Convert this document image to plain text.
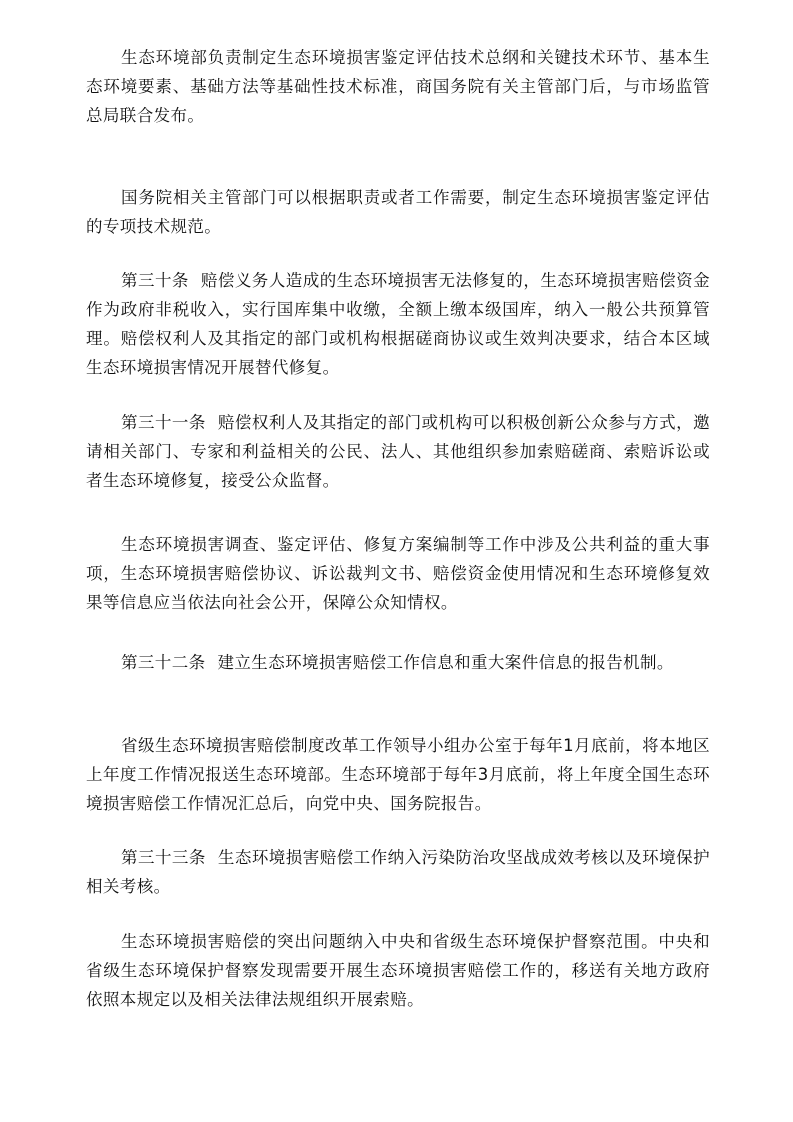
生态环境部负责制定生态环境损害鉴定评估技术总纲和关键技术环节、基本生态环境要素、基础方法等基础性技术标准，商国务院有关主管部门后，与市场监管总局联合发布。

国务院相关主管部门可以根据职责或者工作需要，制定生态环境损害鉴定评估的专项技术规范。

第三十条 赔偿义务人造成的生态环境损害无法修复的，生态环境损害赔偿资金作为政府非税收入，实行国库集中收缴，全额上缴本级国库，纳入一般公共预算管理。赔偿权利人及其指定的部门或机构根据磋商协议或生效判决要求，结合本区域生态环境损害情况开展替代修复。

第三十一条 赔偿权利人及其指定的部门或机构可以积极创新公众参与方式，邀请相关部门、专家和利益相关的公民、法人、其他组织参加索赔磋商、索赔诉讼或者生态环境修复，接受公众监督。

生态环境损害调查、鉴定评估、修复方案编制等工作中涉及公共利益的重大事项，生态环境损害赔偿协议、诉讼裁判文书、赔偿资金使用情况和生态环境修复效果等信息应当依法向社会公开，保障公众知情权。

第三十二条 建立生态环境损害赔偿工作信息和重大案件信息的报告机制。

省级生态环境损害赔偿制度改革工作领导小组办公室于每年1月底前，将本地区上年度工作情况报送生态环境部。生态环境部于每年3月底前，将上年度全国生态环境损害赔偿工作情况汇总后，向党中央、国务院报告。

第三十三条 生态环境损害赔偿工作纳入污染防治攻坚战成效考核以及环境保护相关考核。

生态环境损害赔偿的突出问题纳入中央和省级生态环境保护督察范围。中央和省级生态环境保护督察发现需要开展生态环境损害赔偿工作的，移送有关地方政府依照本规定以及相关法律法规组织开展索赔。
